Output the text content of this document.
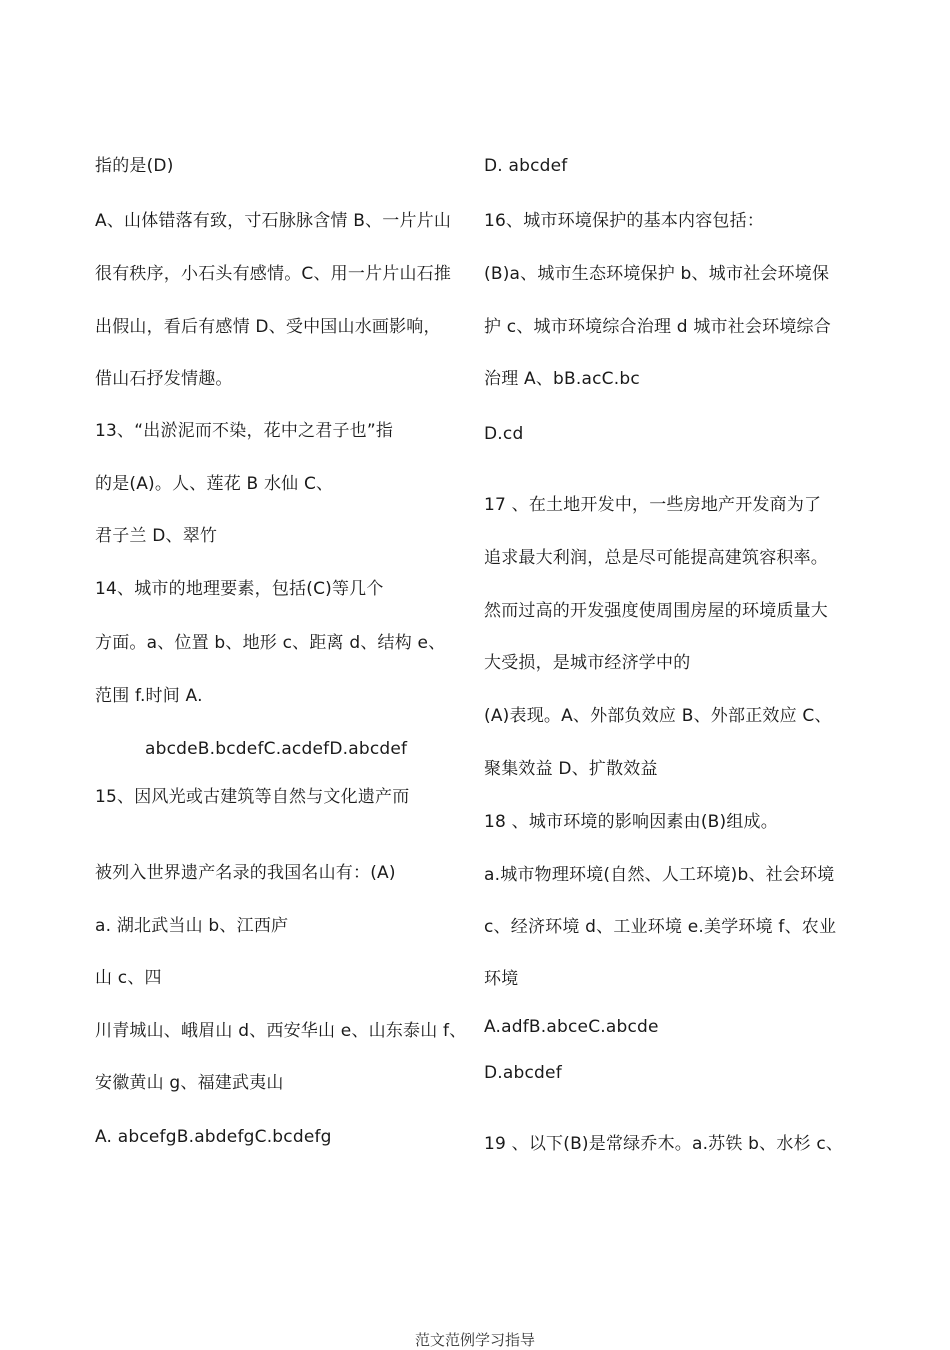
指的是(D)
A、山体错落有致，寸石脉脉含情 B、一片片山
很有秩序，小石头有感情。C、用一片片山石推
出假山，看后有感情 D、受中国山水画影响，
借山石抒发情趣。
13、“出淤泥而不染，花中之君子也”指
的是(A)。人、莲花 B 水仙 C、
君子兰 D、翠竹
14、城市的地理要素，包括(C)等几个
方面。a、位置 b、地形 c、距离 d、结构 e、
范围 f.时间 A.
abcdeB.bcdefC.acdefD.abcdef
15、因风光或古建筑等自然与文化遗产而
被列入世界遗产名录的我国名山有：(A)
a. 湖北武当山 b、江西庐
山 c、四
川青城山、峨眉山 d、西安华山 e、山东泰山 f、
安徽黄山 g、福建武夷山
A. abcefgB.abdefgC.bcdefg
D. abcdef
16、城市环境保护的基本内容包括：
(B)a、城市生态环境保护 b、城市社会环境保
护 c、城市环境综合治理 d 城市社会环境综合
治理 A、bB.acC.bc
D.cd
17 、在土地开发中，一些房地产开发商为了
追求最大利润，总是尽可能提高建筑容积率。
然而过高的开发强度使周围房屋的环境质量大
大受损，是城市经济学中的
(A)表现。A、外部负效应 B、外部正效应 C、
聚集效益 D、扩散效益
18 、城市环境的影响因素由(B)组成。
a.城市物理环境(自然、人工环境)b、社会环境
c、经济环境 d、工业环境 e.美学环境 f、农业
环境
A.adfB.abceC.abcde
D.abcdef
19 、以下(B)是常绿乔木。a.苏铁 b、水杉 c、
范文范例学习指导
